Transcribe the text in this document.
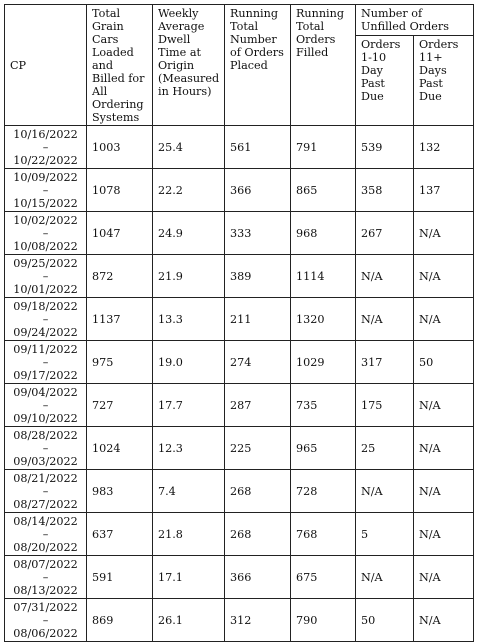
CP	Total Grain Cars Loaded and Billed for All Ordering Systems	Weekly Average Dwell Time at Origin (Measured in Hours)	Running Total Number of Orders Placed	Running Total Orders Filled	Number of Unfilled Orders	
					Orders 1-10 Day Past Due	Orders 11+ Days Past Due

10/16/2022
–
10/22/2022	1003	25.4	561	791	539	132

10/09/2022
–
10/15/2022	1078	22.2	366	865	358	137

10/02/2022
–
10/08/2022	1047	24.9	333	968	267	N/A

09/25/2022
–
10/01/2022	872	21.9	389	1114	N/A	N/A

09/18/2022
–
09/24/2022	1137	13.3	211	1320	N/A	N/A

09/11/2022
–
09/17/2022	975	19.0	274	1029	317	50

09/04/2022
–
09/10/2022	727	17.7	287	735	175	N/A

08/28/2022
–
09/03/2022	1024	12.3	225	965	25	N/A

08/21/2022
–
08/27/2022	983	7.4	268	728	N/A	N/A

08/14/2022
–
08/20/2022	637	21.8	268	768	5	N/A

08/07/2022
–
08/13/2022	591	17.1	366	675	N/A	N/A

07/31/2022
–
08/06/2022	869	26.1	312	790	50	N/A
